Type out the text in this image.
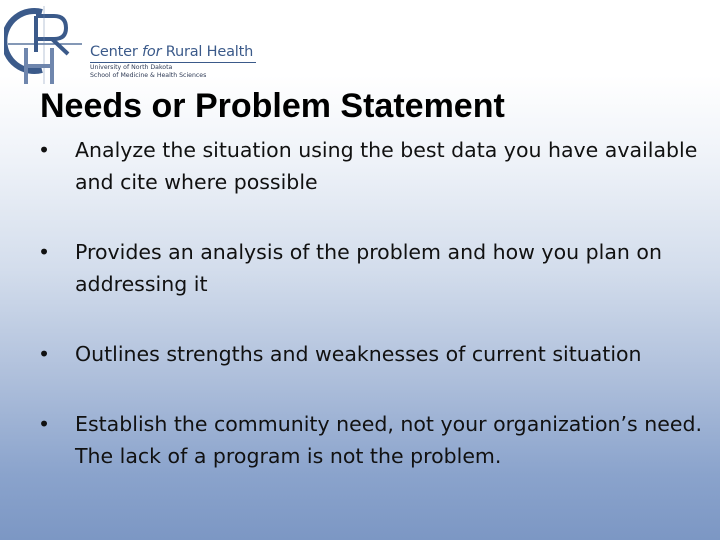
Center for Rural Health
University of North Dakota
School of Medicine & Health Sciences
Needs or Problem Statement
•	Analyze the situation using the best data you have available and cite where possible
•	Provides an analysis of the problem and how you plan on addressing it
•	Outlines strengths and weaknesses of current situation
•	Establish the community need, not your organization’s need. The lack of a program is not the problem.
